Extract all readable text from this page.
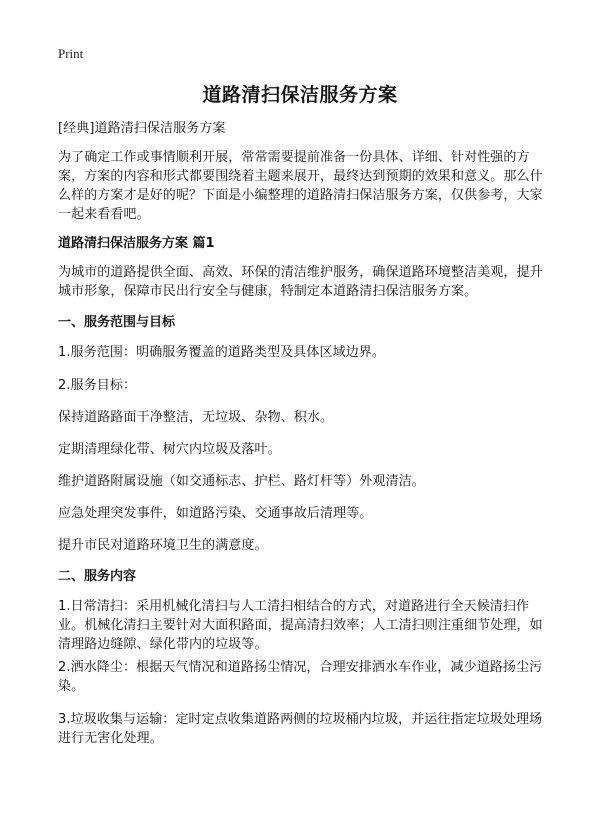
Print
道路清扫保洁服务方案

[经典]道路清扫保洁服务方案

为了确定工作或事情顺利开展，常常需要提前准备一份具体、详细、针对性强的方案，方案的内容和形式都要围绕着主题来展开，最终达到预期的效果和意义。那么什么样的方案才是好的呢？下面是小编整理的道路清扫保洁服务方案，仅供参考，大家一起来看看吧。

道路清扫保洁服务方案 篇1

为城市的道路提供全面、高效、环保的清洁维护服务，确保道路环境整洁美观，提升城市形象，保障市民出行安全与健康，特制定本道路清扫保洁服务方案。

一、服务范围与目标

1.服务范围：明确服务覆盖的道路类型及具体区域边界。

2.服务目标：

保持道路路面干净整洁，无垃圾、杂物、积水。

定期清理绿化带、树穴内垃圾及落叶。

维护道路附属设施（如交通标志、护栏、路灯杆等）外观清洁。

应急处理突发事件，如道路污染、交通事故后清理等。

提升市民对道路环境卫生的满意度。

二、服务内容

1.日常清扫：采用机械化清扫与人工清扫相结合的方式，对道路进行全天候清扫作业。机械化清扫主要针对大面积路面，提高清扫效率；人工清扫则注重细节处理，如清理路边缝隙、绿化带内的垃圾等。

2.洒水降尘：根据天气情况和道路扬尘情况，合理安排洒水车作业，减少道路扬尘污染。

3.垃圾收集与运输：定时定点收集道路两侧的垃圾桶内垃圾，并运往指定垃圾处理场进行无害化处理。
